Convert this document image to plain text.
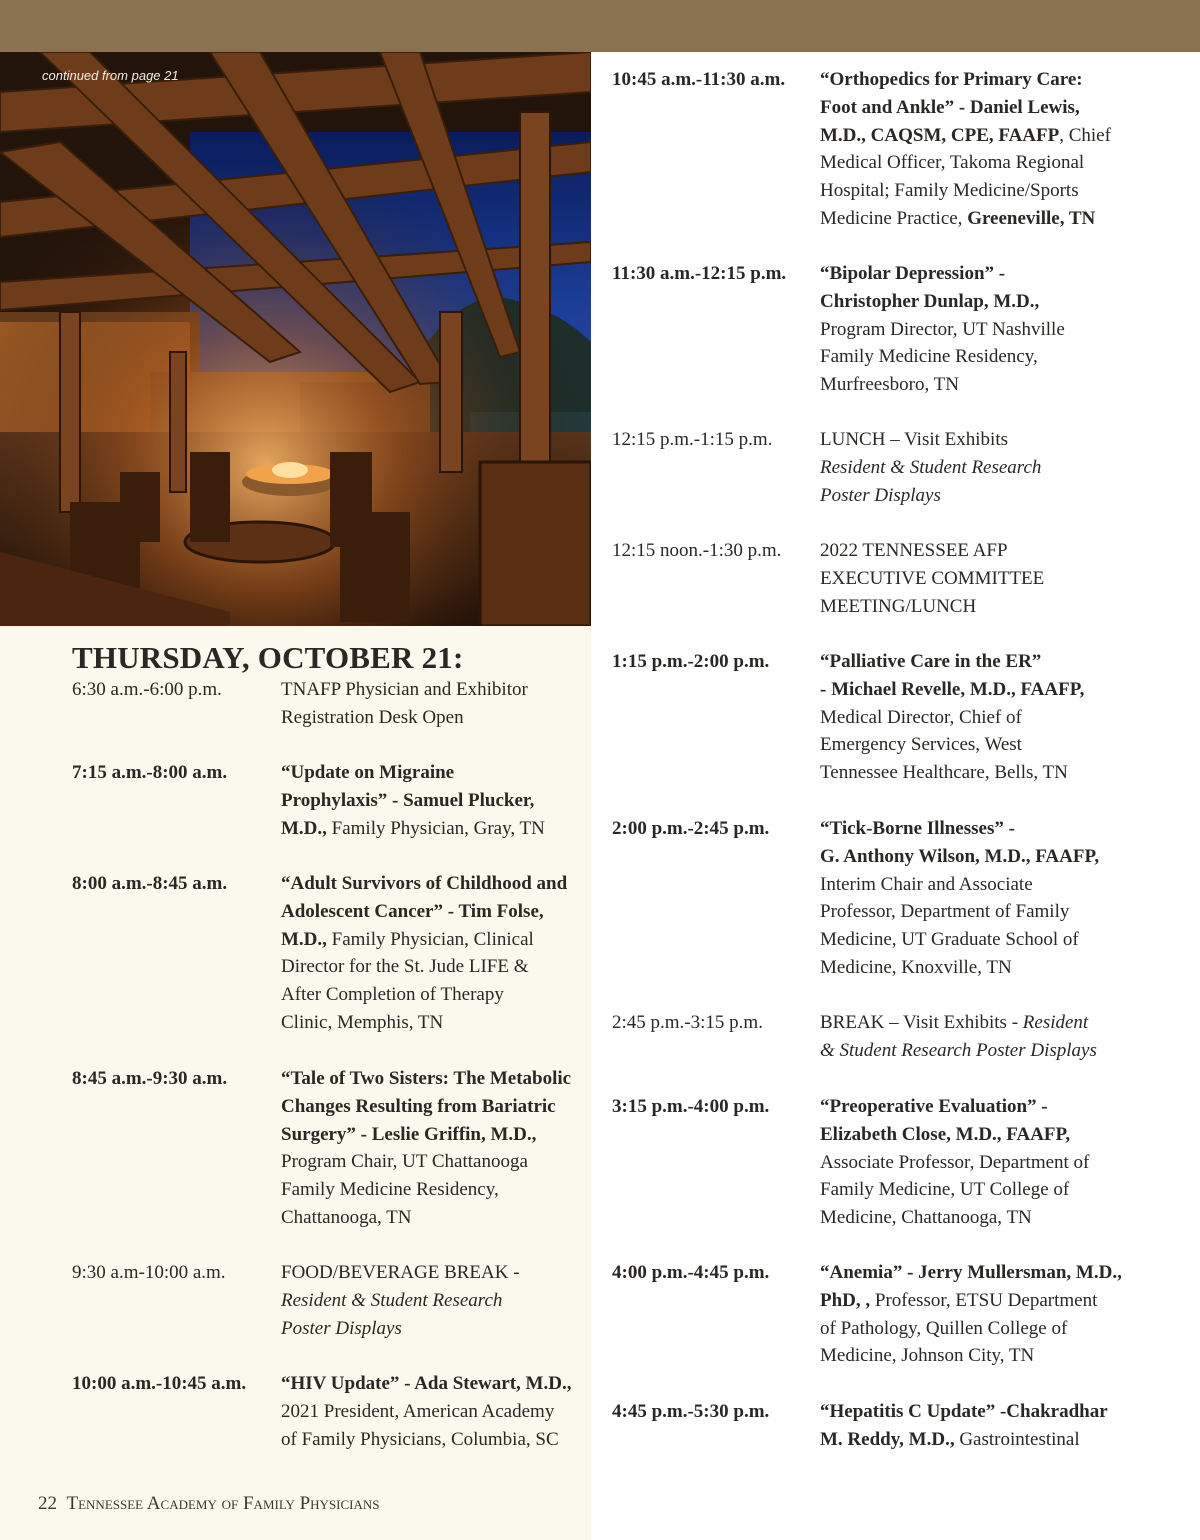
continued from page 21

THURSDAY, OCTOBER 21:
6:30 a.m.-6:00 p.m.	TNAFP Physician and Exhibitor
Registration Desk Open
7:15 a.m.-8:00 a.m.	“Update on Migraine
Prophylaxis” - Samuel Plucker,
M.D., Family Physician, Gray, TN
8:00 a.m.-8:45 a.m.	“Adult Survivors of Childhood and
Adolescent Cancer” - Tim Folse,
M.D., Family Physician, Clinical
Director for the St. Jude LIFE &
After Completion of Therapy
Clinic, Memphis, TN
8:45 a.m.-9:30 a.m.	“Tale of Two Sisters: The Metabolic
Changes Resulting from Bariatric
Surgery” - Leslie Griffin, M.D.,
Program Chair, UT Chattanooga
Family Medicine Residency,
Chattanooga, TN
9:30 a.m-10:00 a.m.	FOOD/BEVERAGE BREAK -
Resident & Student Research
Poster Displays
10:00 a.m.-10:45 a.m. “HIV Update” - Ada Stewart, M.D.,
2021 President, American Academy
of Family Physicians, Columbia, SC
10:45 a.m.-11:30 a.m. “Orthopedics for Primary Care:
Foot and Ankle” - Daniel Lewis,
M.D., CAQSM, CPE, FAAFP, Chief
Medical Officer, Takoma Regional
Hospital; Family Medicine/Sports
Medicine Practice, Greeneville, TN
11:30 a.m.-12:15 p.m. “Bipolar Depression” -
Christopher Dunlap, M.D.,
Program Director, UT Nashville
Family Medicine Residency,
Murfreesboro, TN
12:15 p.m.-1:15 p.m.	LUNCH – Visit Exhibits
Resident & Student Research
Poster Displays
12:15 noon.-1:30 p.m. 2022 TENNESSEE AFP
EXECUTIVE COMMITTEE
MEETING/LUNCH
1:15 p.m.-2:00 p.m.	“Palliative Care in the ER”
- Michael Revelle, M.D., FAAFP,
Medical Director, Chief of
Emergency Services, West
Tennessee Healthcare, Bells, TN
2:00 p.m.-2:45 p.m.	“Tick-Borne Illnesses” -
G. Anthony Wilson, M.D., FAAFP,
Interim Chair and Associate
Professor, Department of Family
Medicine, UT Graduate School of
Medicine, Knoxville, TN
2:45 p.m.-3:15 p.m.	BREAK – Visit Exhibits - Resident
& Student Research Poster Displays
3:15 p.m.-4:00 p.m.	“Preoperative Evaluation” -
Elizabeth Close, M.D., FAAFP,
Associate Professor, Department of
Family Medicine, UT College of
Medicine, Chattanooga, TN
4:00 p.m.-4:45 p.m.	“Anemia” - Jerry Mullersman, M.D.,
PhD, , Professor, ETSU Department
of Pathology, Quillen College of
Medicine, Johnson City, TN
4:45 p.m.-5:30 p.m.	“Hepatitis C Update” -Chakradhar
M. Reddy, M.D., Gastrointestinal

22 Tennessee Academy of Family Physicians
